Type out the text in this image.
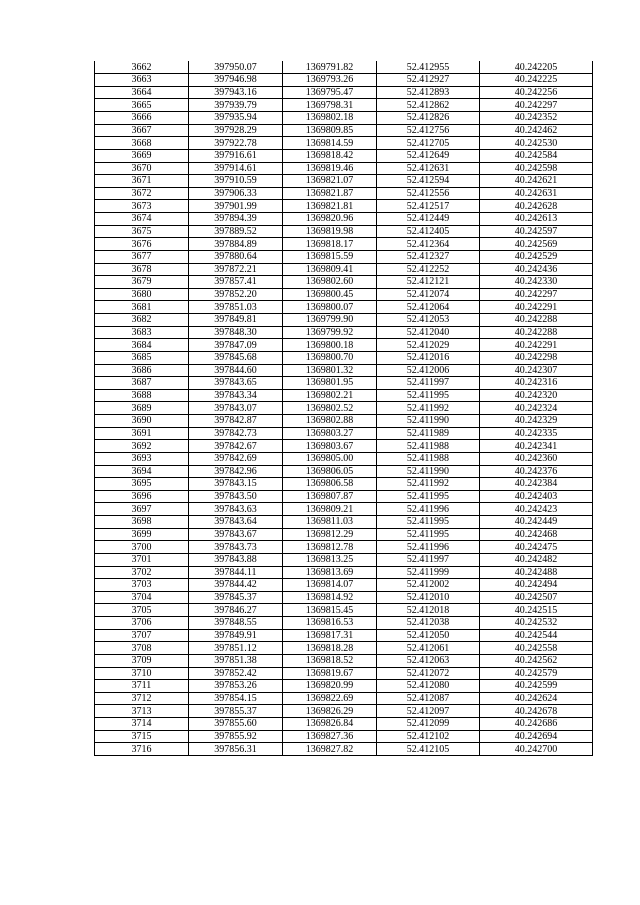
3662	397950.07	1369791.82	52.412955	40.242205
3663	397946.98	1369793.26	52.412927	40.242225
3664	397943.16	1369795.47	52.412893	40.242256
3665	397939.79	1369798.31	52.412862	40.242297
3666	397935.94	1369802.18	52.412826	40.242352
3667	397928.29	1369809.85	52.412756	40.242462
3668	397922.78	1369814.59	52.412705	40.242530
3669	397916.61	1369818.42	52.412649	40.242584
3670	397914.61	1369819.46	52.412631	40.242598
3671	397910.59	1369821.07	52.412594	40.242621
3672	397906.33	1369821.87	52.412556	40.242631
3673	397901.99	1369821.81	52.412517	40.242628
3674	397894.39	1369820.96	52.412449	40.242613
3675	397889.52	1369819.98	52.412405	40.242597
3676	397884.89	1369818.17	52.412364	40.242569
3677	397880.64	1369815.59	52.412327	40.242529
3678	397872.21	1369809.41	52.412252	40.242436
3679	397857.41	1369802.60	52.412121	40.242330
3680	397852.20	1369800.45	52.412074	40.242297
3681	397851.03	1369800.07	52.412064	40.242291
3682	397849.81	1369799.90	52.412053	40.242288
3683	397848.30	1369799.92	52.412040	40.242288
3684	397847.09	1369800.18	52.412029	40.242291
3685	397845.68	1369800.70	52.412016	40.242298
3686	397844.60	1369801.32	52.412006	40.242307
3687	397843.65	1369801.95	52.411997	40.242316
3688	397843.34	1369802.21	52.411995	40.242320
3689	397843.07	1369802.52	52.411992	40.242324
3690	397842.87	1369802.88	52.411990	40.242329
3691	397842.73	1369803.27	52.411989	40.242335
3692	397842.67	1369803.67	52.411988	40.242341
3693	397842.69	1369805.00	52.411988	40.242360
3694	397842.96	1369806.05	52.411990	40.242376
3695	397843.15	1369806.58	52.411992	40.242384
3696	397843.50	1369807.87	52.411995	40.242403
3697	397843.63	1369809.21	52.411996	40.242423
3698	397843.64	1369811.03	52.411995	40.242449
3699	397843.67	1369812.29	52.411995	40.242468
3700	397843.73	1369812.78	52.411996	40.242475
3701	397843.88	1369813.25	52.411997	40.242482
3702	397844.11	1369813.69	52.411999	40.242488
3703	397844.42	1369814.07	52.412002	40.242494
3704	397845.37	1369814.92	52.412010	40.242507
3705	397846.27	1369815.45	52.412018	40.242515
3706	397848.55	1369816.53	52.412038	40.242532
3707	397849.91	1369817.31	52.412050	40.242544
3708	397851.12	1369818.28	52.412061	40.242558
3709	397851.38	1369818.52	52.412063	40.242562
3710	397852.42	1369819.67	52.412072	40.242579
3711	397853.26	1369820.99	52.412080	40.242599
3712	397854.15	1369822.69	52.412087	40.242624
3713	397855.37	1369826.29	52.412097	40.242678
3714	397855.60	1369826.84	52.412099	40.242686
3715	397855.92	1369827.36	52.412102	40.242694
3716	397856.31	1369827.82	52.412105	40.242700
